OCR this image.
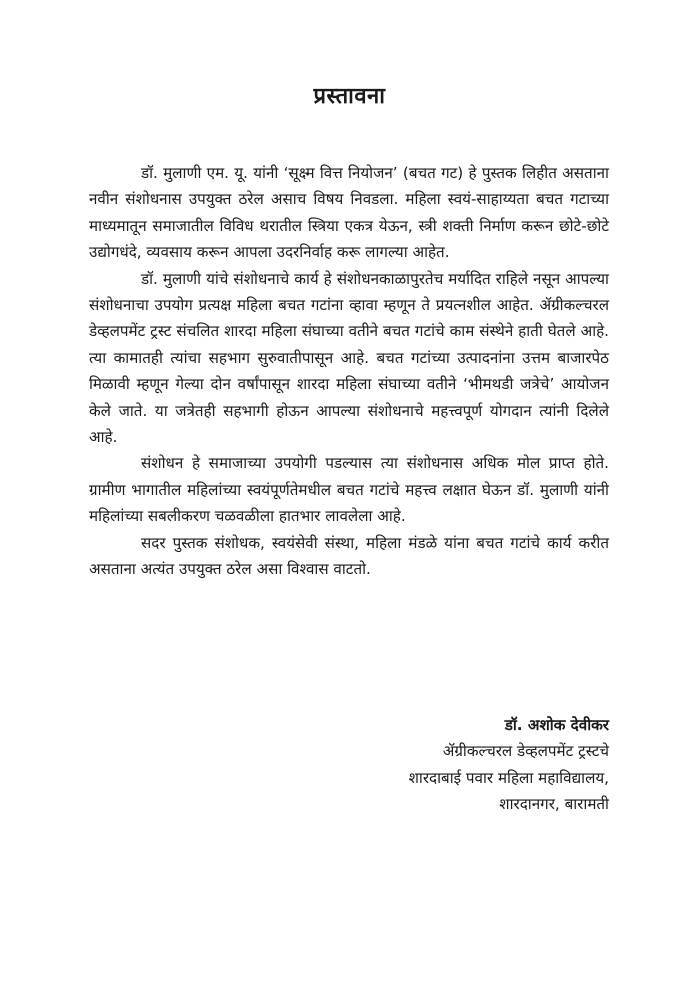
प्रस्तावना

डॉ. मुलाणी एम. यू. यांनी ‘सूक्ष्म वित्त नियोजन’ (बचत गट) हे पुस्तक लिहीत असताना नवीन संशोधनास उपयुक्त ठरेल असाच विषय निवडला. महिला स्वयं-साहाय्यता बचत गटाच्या माध्यमातून समाजातील विविध थरातील स्त्रिया एकत्र येऊन, स्त्री शक्ती निर्माण करून छोटे-छोटे उद्योगधंदे, व्यवसाय करून आपला उदरनिर्वाह करू लागल्या आहेत.

डॉ. मुलाणी यांचे संशोधनाचे कार्य हे संशोधनकाळापुरतेच मर्यादित राहिले नसून आपल्या संशोधनाचा उपयोग प्रत्यक्ष महिला बचत गटांना व्हावा म्हणून ते प्रयत्नशील आहेत. ॲग्रीकल्चरल डेव्हलपमेंट ट्रस्ट संचलित शारदा महिला संघाच्या वतीने बचत गटांचे काम संस्थेने हाती घेतले आहे. त्या कामातही त्यांचा सहभाग सुरुवातीपासून आहे. बचत गटांच्या उत्पादनांना उत्तम बाजारपेठ मिळावी म्हणून गेल्या दोन वर्षांपासून शारदा महिला संघाच्या वतीने ‘भीमथडी जत्रेचे’ आयोजन केले जाते. या जत्रेतही सहभागी होऊन आपल्या संशोधनाचे महत्त्वपूर्ण योगदान त्यांनी दिलेले आहे.

संशोधन हे समाजाच्या उपयोगी पडल्यास त्या संशोधनास अधिक मोल प्राप्त होते. ग्रामीण भागातील महिलांच्या स्वयंपूर्णतेमधील बचत गटांचे महत्त्व लक्षात घेऊन डॉ. मुलाणी यांनी महिलांच्या सबलीकरण चळवळीला हातभार लावलेला आहे.

सदर पुस्तक संशोधक, स्वयंसेवी संस्था, महिला मंडळे यांना बचत गटांचे कार्य करीत असताना अत्यंत उपयुक्त ठरेल असा विश्वास वाटतो.

डॉ. अशोक देवीकर
ॲग्रीकल्चरल डेव्हलपमेंट ट्रस्टचे
शारदाबाई पवार महिला महाविद्यालय,
शारदानगर, बारामती
